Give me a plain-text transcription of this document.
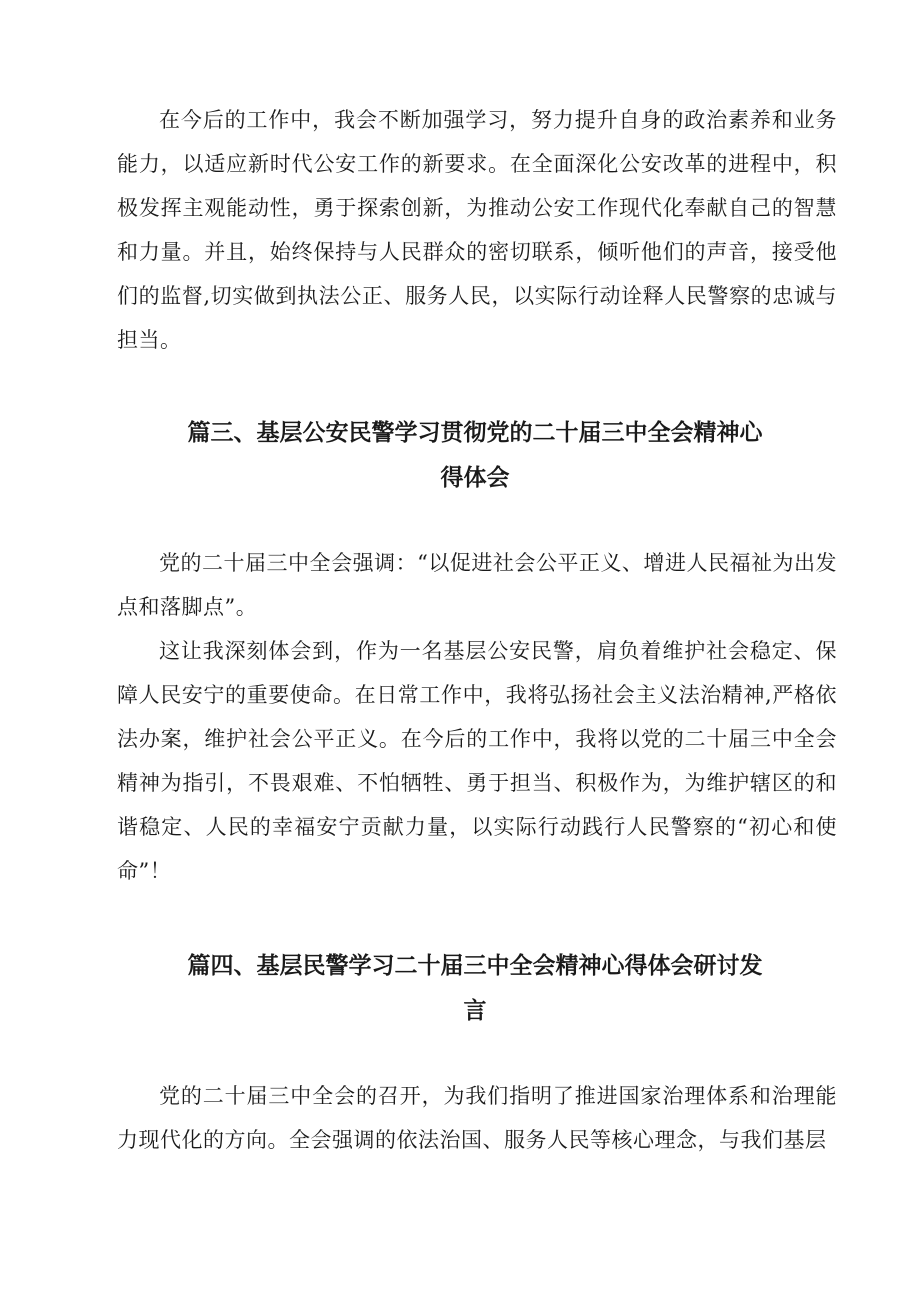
在今后的工作中，我会不断加强学习，努力提升自身的政治素养和业务能力，以适应新时代公安工作的新要求。在全面深化公安改革的进程中，积极发挥主观能动性，勇于探索创新，为推动公安工作现代化奉献自己的智慧和力量。并且，始终保持与人民群众的密切联系，倾听他们的声音，接受他们的监督,切实做到执法公正、服务人民，以实际行动诠释人民警察的忠诚与担当。

篇三、基层公安民警学习贯彻党的二十届三中全会精神心
得体会

党的二十届三中全会强调：“以促进社会公平正义、增进人民福祉为出发点和落脚点”。

这让我深刻体会到，作为一名基层公安民警，肩负着维护社会稳定、保障人民安宁的重要使命。在日常工作中，我将弘扬社会主义法治精神,严格依法办案，维护社会公平正义。在今后的工作中，我将以党的二十届三中全会精神为指引，不畏艰难、不怕牺牲、勇于担当、积极作为，为维护辖区的和谐稳定、人民的幸福安宁贡献力量，以实际行动践行人民警察的“初心和使命”！

篇四、基层民警学习二十届三中全会精神心得体会研讨发
言

党的二十届三中全会的召开，为我们指明了推进国家治理体系和治理能力现代化的方向。全会强调的依法治国、服务人民等核心理念，与我们基层
